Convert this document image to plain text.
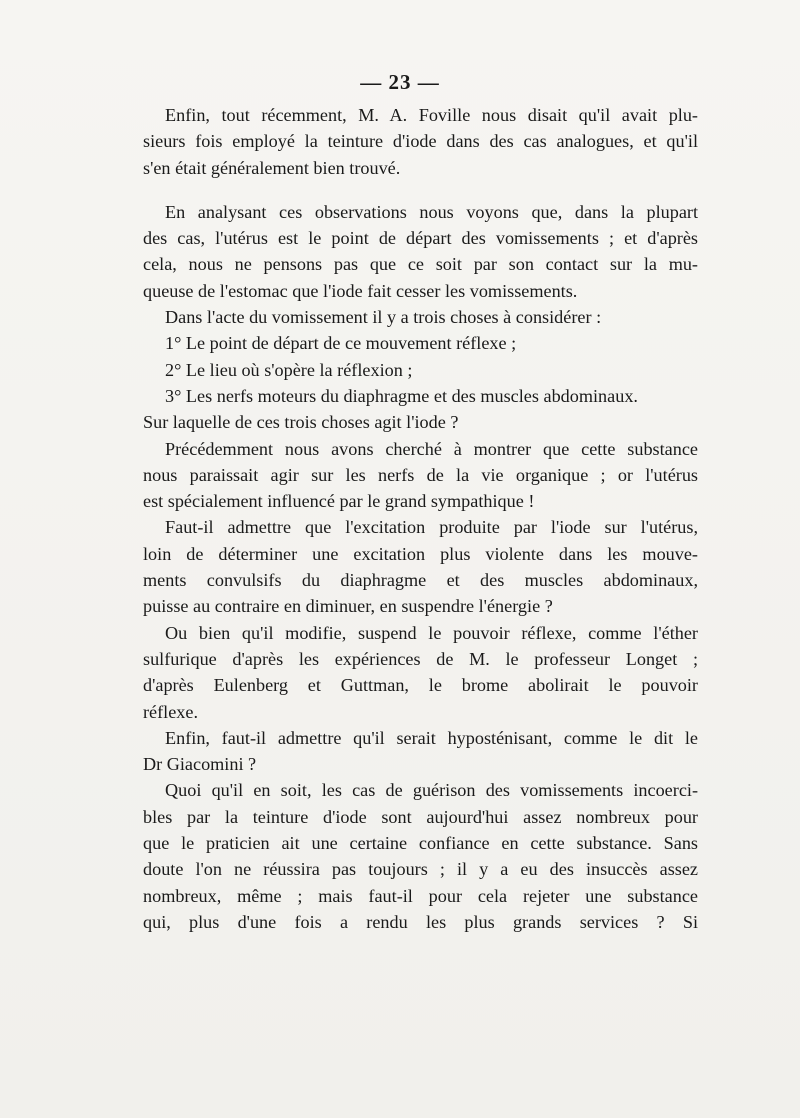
— 23 —
Enfin, tout récemment, M. A. Foville nous disait qu'il avait plu-
sieurs fois employé la teinture d'iode dans des cas analogues, et qu'il
s'en était généralement bien trouvé.
En analysant ces observations nous voyons que, dans la plupart
des cas, l'utérus est le point de départ des vomissements ; et d'après
cela, nous ne pensons pas que ce soit par son contact sur la mu-
queuse de l'estomac que l'iode fait cesser les vomissements.
Dans l'acte du vomissement il y a trois choses à considérer :
1° Le point de départ de ce mouvement réflexe ;
2° Le lieu où s'opère la réflexion ;
3° Les nerfs moteurs du diaphragme et des muscles abdominaux.
Sur laquelle de ces trois choses agit l'iode ?
Précédemment nous avons cherché à montrer que cette substance
nous paraissait agir sur les nerfs de la vie organique ; or l'utérus
est spécialement influencé par le grand sympathique !
Faut-il admettre que l'excitation produite par l'iode sur l'utérus,
loin de déterminer une excitation plus violente dans les mouve-
ments convulsifs du diaphragme et des muscles abdominaux,
puisse au contraire en diminuer, en suspendre l'énergie ?
Ou bien qu'il modifie, suspend le pouvoir réflexe, comme l'éther
sulfurique d'après les expériences de M. le professeur Longet ;
d'après Eulenberg et Guttman, le brome abolirait le pouvoir
réflexe.
Enfin, faut-il admettre qu'il serait hyposténisant, comme le dit le
Dr Giacomini ?
Quoi qu'il en soit, les cas de guérison des vomissements incoerci-
bles par la teinture d'iode sont aujourd'hui assez nombreux pour
que le praticien ait une certaine confiance en cette substance. Sans
doute l'on ne réussira pas toujours ; il y a eu des insuccès assez
nombreux, même ; mais faut-il pour cela rejeter une substance
qui, plus d'une fois a rendu les plus grands services ? Si
